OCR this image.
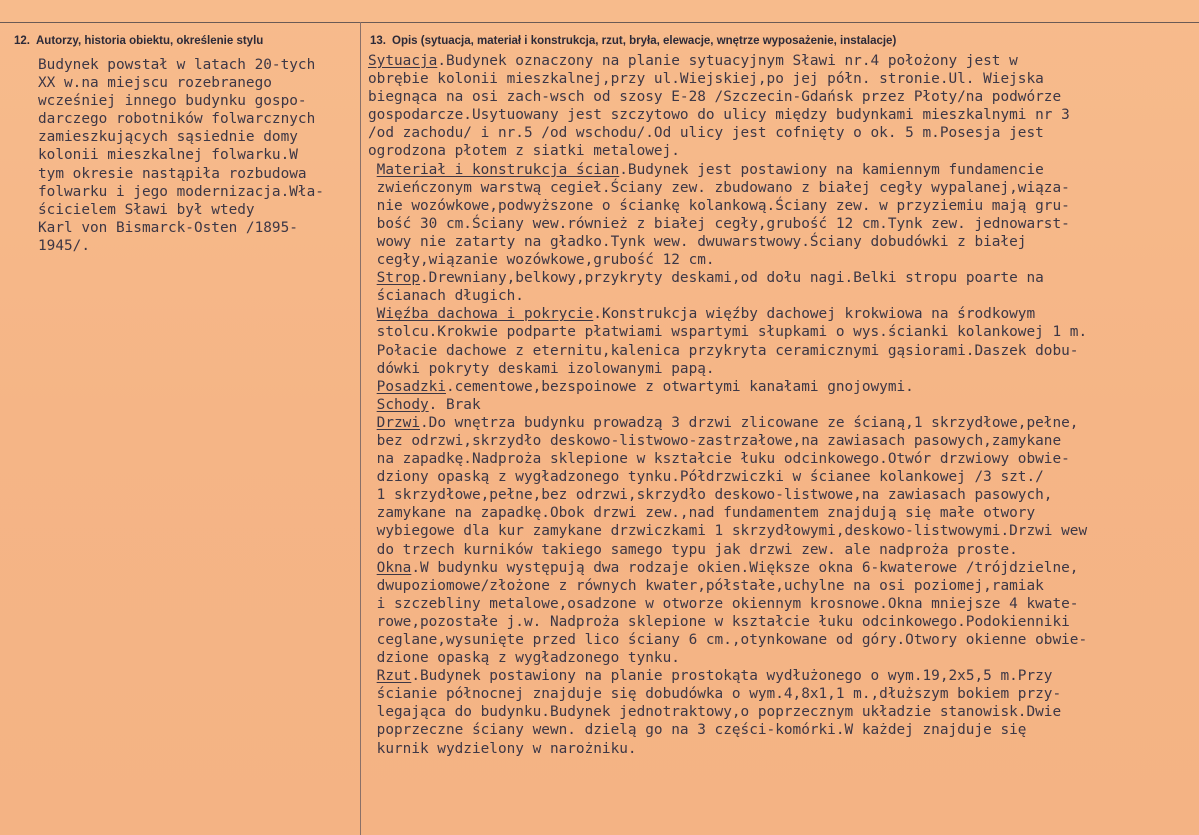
12. Autorzy, historia obiektu, określenie stylu	13. Opis (sytuacja, materiał i konstrukcja, rzut, bryła, elewacje, wnętrze wyposażenie, instalacje)
Budynek powstał w latach 20-tych
XX w.na miejscu rozebranego
wcześniej innego budynku gospo-
darczego robotników folwarcznych
zamieszkujących sąsiednie domy
kolonii mieszkalnej folwarku.W
tym okresie nastąpiła rozbudowa
folwarku i jego modernizacja.Wła-
ścicielem Sławi był wtedy
Karl von Bismarck-Osten /1895-
1945/.
Sytuacja.Budynek oznaczony na planie sytuacyjnym Sławi nr.4 położony jest w
obrębie kolonii mieszkalnej,przy ul.Wiejskiej,po jej półn. stronie.Ul. Wiejska
biegnąca na osi zach-wsch od szosy E-28 /Szczecin-Gdańsk przez Płoty/na podwórze
gospodarcze.Usytuowany jest szczytowo do ulicy między budynkami mieszkalnymi nr 3
/od zachodu/ i nr.5 /od wschodu/.Od ulicy jest cofnięty o ok. 5 m.Posesja jest
ogrodzona płotem z siatki metalowej.
Materiał i konstrukcja ścian.Budynek jest postawiony na kamiennym fundamencie
zwieńczonym warstwą cegieł.Ściany zew. zbudowano z białej cegły wypalanej,wiąza-
nie wozówkowe,podwyższone o ściankę kolankową.Ściany zew. w przyziemiu mają gru-
bość 30 cm.Ściany wew.również z białej cegły,grubość 12 cm.Tynk zew. jednowarst-
wowy nie zatarty na gładko.Tynk wew. dwuwarstwowy.Ściany dobudówki z białej
cegły,wiązanie wozówkowe,grubość 12 cm.
Strop.Drewniany,belkowy,przykryty deskami,od dołu nagi.Belki stropu poarte na
ścianach długich.
Więźba dachowa i pokrycie.Konstrukcja więźby dachowej krokwiowa na środkowym
stolcu.Krokwie podparte płatwiami wspartymi słupkami o wys.ścianki kolankowej 1 m.
Połacie dachowe z eternitu,kalenica przykryta ceramicznymi gąsiorami.Daszek dobu-
dówki pokryty deskami izolowanymi papą.
Posadzki.cementowe,bezspoinowe z otwartymi kanałami gnojowymi.
Schody. Brak
Drzwi.Do wnętrza budynku prowadzą 3 drzwi zlicowane ze ścianą,1 skrzydłowe,pełne,
bez odrzwi,skrzydło deskowo-listwowo-zastrzałowe,na zawiasach pasowych,zamykane
na zapadkę.Nadproża sklepione w kształcie łuku odcinkowego.Otwór drzwiowy obwie-
dziony opaską z wygładzonego tynku.Półdrzwiczki w ścianee kolankowej /3 szt./
1 skrzydłowe,pełne,bez odrzwi,skrzydło deskowo-listwowe,na zawiasach pasowych,
zamykane na zapadkę.Obok drzwi zew.,nad fundamentem znajdują się małe otwory
wybiegowe dla kur zamykane drzwiczkami 1 skrzydłowymi,deskowo-listwowymi.Drzwi wew
do trzech kurników takiego samego typu jak drzwi zew. ale nadproża proste.
Okna.W budynku występują dwa rodzaje okien.Większe okna 6-kwaterowe /trójdzielne,
dwupoziomowe/złożone z równych kwater,półstałe,uchylne na osi poziomej,ramiak
i szczebliny metalowe,osadzone w otworze okiennym krosnowe.Okna mniejsze 4 kwate-
rowe,pozostałe j.w. Nadproża sklepione w kształcie łuku odcinkowego.Podokienniki
ceglane,wysunięte przed lico ściany 6 cm.,otynkowane od góry.Otwory okienne obwie-
dzione opaską z wygładzonego tynku.
Rzut.Budynek postawiony na planie prostokąta wydłużonego o wym.19,2x5,5 m.Przy
ścianie północnej znajduje się dobudówka o wym.4,8x1,1 m.,dłuższym bokiem przy-
legająca do budynku.Budynek jednotraktowy,o poprzecznym układzie stanowisk.Dwie
poprzeczne ściany wewn. dzielą go na 3 części-komórki.W każdej znajduje się
kurnik wydzielony w narożniku.
